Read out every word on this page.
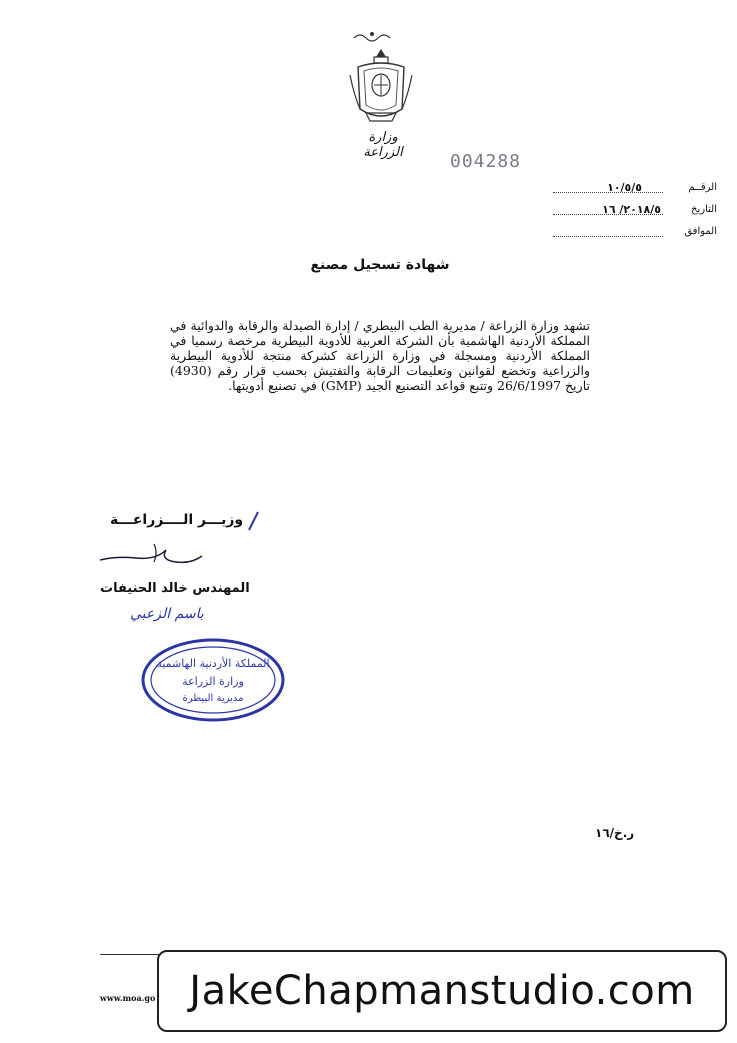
وزارة الزراعة	004288
الرقــم
١٠/٥/٥
التاريخ
٢٠١٨/٥/ ١٦
الموافق
شهادة تسجيل مصنع
تشهد وزارة الزراعة / مديرية الطب البيطري / إدارة الصيدلة والرقابة والدوائية في المملكة الأردنية الهاشمية بأن الشركة العربية للأدوية البيطرية مرخصة رسميا في المملكة الأردنية ومسجلة في وزارة الزراعة كشركة منتجة للأدوية البيطرية والزراعية وتخضع لقوانين وتعليمات الرقابة والتفتيش بحسب قرار رقم (4930) تاريخ 26/6/1997 وتتبع قواعد التصنيع الجيد (GMP) في تصنيع أدويتها.
وزيـــر الــــزراعـــة
المهندس خالد الحنيفات
باسم الزعبي
المملكة الأردنية الهاشمية
وزارة الزراعة
مديرية البيطرة
ر.خ/١٦
www.moa.go JakeChapmanstudio.com
